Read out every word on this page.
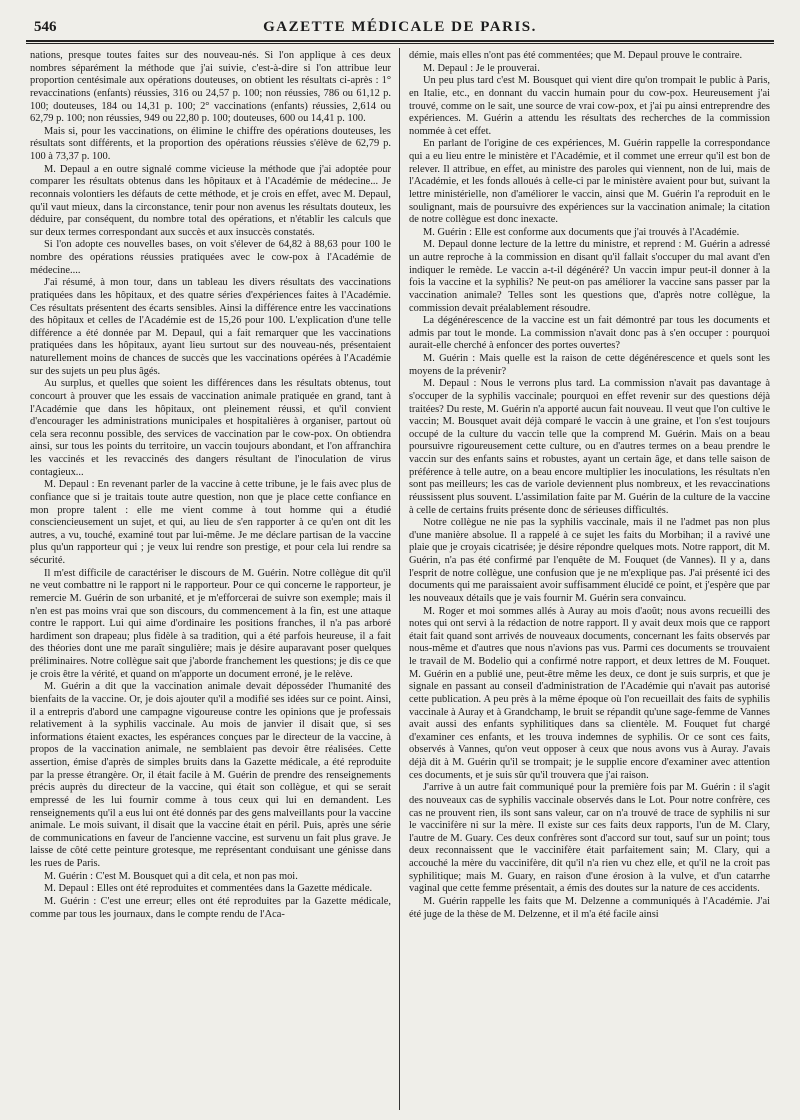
546	GAZETTE MÉDICALE DE PARIS.

nations, presque toutes faites sur des nouveau-nés. Si l'on applique à ces deux nombres séparément la méthode que j'ai suivie, c'est-à-dire si l'on attribue leur proportion centésimale aux opérations douteuses, on obtient les résultats ci-après : 1° revaccinations (enfants) réussies, 316 ou 24,57 p. 100; non réussies, 786 ou 61,12 p. 100; douteuses, 184 ou 14,31 p. 100; 2° vaccinations (enfants) réussies, 2,614 ou 62,79 p. 100; non réussies, 949 ou 22,80 p. 100; douteuses, 600 ou 14,41 p. 100.

Mais si, pour les vaccinations, on élimine le chiffre des opérations douteuses, les résultats sont différents, et la proportion des opérations réussies s'élève de 62,79 p. 100 à 73,37 p. 100.

M. Depaul a en outre signalé comme vicieuse la méthode que j'ai adoptée pour comparer les résultats obtenus dans les hôpitaux et à l'Académie de médecine... Je reconnais volontiers les défauts de cette méthode, et je crois en effet, avec M. Depaul, qu'il vaut mieux, dans la circonstance, tenir pour non avenus les résultats douteux, les déduire, par conséquent, du nombre total des opérations, et n'établir les calculs que sur deux termes correspondant aux succès et aux insuccès constatés.

Si l'on adopte ces nouvelles bases, on voit s'élever de 64,82 à 88,63 pour 100 le nombre des opérations réussies pratiquées avec le cow-pox à l'Académie de médecine....

J'ai résumé, à mon tour, dans un tableau les divers résultats des vaccinations pratiquées dans les hôpitaux, et des quatre séries d'expériences faites à l'Académie. Ces résultats présentent des écarts sensibles. Ainsi la différence entre les vaccinations des hôpitaux et celles de l'Académie est de 15,26 pour 100. L'explication d'une telle différence a été donnée par M. Depaul, qui a fait remarquer que les vaccinations pratiquées dans les hôpitaux, ayant lieu surtout sur des nouveau-nés, présentaient naturellement moins de chances de succès que les vaccinations opérées à l'Académie sur des sujets un peu plus âgés.

Au surplus, et quelles que soient les différences dans les résultats obtenus, tout concourt à prouver que les essais de vaccination animale pratiquée en grand, tant à l'Académie que dans les hôpitaux, ont pleinement réussi, et qu'il convient d'encourager les administrations municipales et hospitalières à organiser, partout où cela sera reconnu possible, des services de vaccination par le cow-pox. On obtiendra ainsi, sur tous les points du territoire, un vaccin toujours abondant, et l'on affranchira les vaccinés et les revaccinés des dangers résultant de l'inoculation de virus contagieux...

M. Depaul : En revenant parler de la vaccine à cette tribune, je le fais avec plus de confiance que si je traitais toute autre question, non que je place cette confiance en mon propre talent : elle me vient comme à tout homme qui a étudié consciencieusement un sujet, et qui, au lieu de s'en rapporter à ce qu'en ont dit les autres, a vu, touché, examiné tout par lui-même. Je me déclare partisan de la vaccine plus qu'un rapporteur qui ; je veux lui rendre son prestige, et pour cela lui rendre sa sécurité.

Il m'est difficile de caractériser le discours de M. Guérin. Notre collègue dit qu'il ne veut combattre ni le rapport ni le rapporteur. Pour ce qui concerne le rapporteur, je remercie M. Guérin de son urbanité, et je m'efforcerai de suivre son exemple; mais il n'en est pas moins vrai que son discours, du commencement à la fin, est une attaque contre le rapport. Lui qui aime d'ordinaire les positions franches, il n'a pas arboré hardiment son drapeau; plus fidèle à sa tradition, qui a été parfois heureuse, il a fait des théories dont une me paraît singulière; mais je désire auparavant poser quelques préliminaires. Notre collègue sait que j'aborde franchement les questions; je dis ce que je crois être la vérité, et quand on m'apporte un document erroné, je le relève.

M. Guérin a dit que la vaccination animale devait déposséder l'humanité des bienfaits de la vaccine. Or, je dois ajouter qu'il a modifié ses idées sur ce point. Ainsi, il a entrepris d'abord une campagne vigoureuse contre les opinions que je professais relativement à la syphilis vaccinale. Au mois de janvier il disait que, si ses informations étaient exactes, les espérances conçues par le directeur de la vaccine, à propos de la vaccination animale, ne semblaient pas devoir être réalisées. Cette assertion, émise d'après de simples bruits dans la Gazette médicale, a été reproduite par la presse étrangère. Or, il était facile à M. Guérin de prendre des renseignements précis auprès du directeur de la vaccine, qui était son collègue, et qui se serait empressé de les lui fournir comme à tous ceux qui lui en demandent. Les renseignements qu'il a eus lui ont été donnés par des gens malveillants pour la vaccine animale. Le mois suivant, il disait que la vaccine était en péril. Puis, après une série de communications en faveur de l'ancienne vaccine, est survenu un fait plus grave. Je laisse de côté cette peinture grotesque, me représentant conduisant une génisse dans les rues de Paris.

M. Guérin : C'est M. Bousquet qui a dit cela, et non pas moi.

M. Depaul : Elles ont été reproduites et commentées dans la Gazette médicale.

M. Guérin : C'est une erreur; elles ont été reproduites par la Gazette médicale, comme par tous les journaux, dans le compte rendu de l'Aca-

démie, mais elles n'ont pas été commentées; que M. Depaul prouve le contraire.

M. Depaul : Je le prouverai.

Un peu plus tard c'est M. Bousquet qui vient dire qu'on trompait le public à Paris, en Italie, etc., en donnant du vaccin humain pour du cow-pox. Heureusement j'ai trouvé, comme on le sait, une source de vrai cow-pox, et j'ai pu ainsi entreprendre des expériences. M. Guérin a attendu les résultats des recherches de la commission nommée à cet effet.

En parlant de l'origine de ces expériences, M. Guérin rappelle la correspondance qui a eu lieu entre le ministère et l'Académie, et il commet une erreur qu'il est bon de relever. Il attribue, en effet, au ministre des paroles qui viennent, non de lui, mais de l'Académie, et les fonds alloués à celle-ci par le ministère avaient pour but, suivant la lettre ministérielle, non d'améliorer le vaccin, ainsi que M. Guérin l'a reproduit en le soulignant, mais de poursuivre des expériences sur la vaccination animale; la citation de notre collègue est donc inexacte.

M. Guérin : Elle est conforme aux documents que j'ai trouvés à l'Académie.

M. Depaul donne lecture de la lettre du ministre, et reprend : M. Guérin a adressé un autre reproche à la commission en disant qu'il fallait s'occuper du mal avant d'en indiquer le remède. Le vaccin a-t-il dégénéré? Un vaccin impur peut-il donner à la fois la vaccine et la syphilis? Ne peut-on pas améliorer la vaccine sans passer par la vaccination animale? Telles sont les questions que, d'après notre collègue, la commission devait préalablement résoudre.

La dégénérescence de la vaccine est un fait démontré par tous les documents et admis par tout le monde. La commission n'avait donc pas à s'en occuper : pourquoi aurait-elle cherché à enfoncer des portes ouvertes?

M. Guérin : Mais quelle est la raison de cette dégénérescence et quels sont les moyens de la prévenir?

M. Depaul : Nous le verrons plus tard. La commission n'avait pas davantage à s'occuper de la syphilis vaccinale; pourquoi en effet revenir sur des questions déjà traitées? Du reste, M. Guérin n'a apporté aucun fait nouveau. Il veut que l'on cultive le vaccin; M. Bousquet avait déjà comparé le vaccin à une graine, et l'on s'est toujours occupé de la culture du vaccin telle que la comprend M. Guérin. Mais on a beau poursuivre rigoureusement cette culture, ou en d'autres termes on a beau prendre le vaccin sur des enfants sains et robustes, ayant un certain âge, et dans telle saison de préférence à telle autre, on a beau encore multiplier les inoculations, les résultats n'en sont pas meilleurs; les cas de variole deviennent plus nombreux, et les revaccinations réussissent plus souvent. L'assimilation faite par M. Guérin de la culture de la vaccine à celle de certains fruits présente donc de sérieuses difficultés.

Notre collègue ne nie pas la syphilis vaccinale, mais il ne l'admet pas non plus d'une manière absolue. Il a rappelé à ce sujet les faits du Morbihan; il a ravivé une plaie que je croyais cicatrisée; je désire répondre quelques mots. Notre rapport, dit M. Guérin, n'a pas été confirmé par l'enquête de M. Fouquet (de Vannes). Il y a, dans l'esprit de notre collègue, une confusion que je ne m'explique pas. J'ai présenté ici des documents qui me paraissaient avoir suffisamment élucidé ce point, et j'espère que par les nouveaux détails que je vais fournir M. Guérin sera convaincu.

M. Roger et moi sommes allés à Auray au mois d'août; nous avons recueilli des notes qui ont servi à la rédaction de notre rapport. Il y avait deux mois que ce rapport était fait quand sont arrivés de nouveaux documents, concernant les faits observés par nous-même et d'autres que nous n'avions pas vus. Parmi ces documents se trouvaient le travail de M. Bodelio qui a confirmé notre rapport, et deux lettres de M. Fouquet. M. Guérin en a publié une, peut-être même les deux, ce dont je suis surpris, et que je signale en passant au conseil d'administration de l'Académie qui n'avait pas autorisé cette publication. A peu près à la même époque où l'on recueillait des faits de syphilis vaccinale à Auray et à Grandchamp, le bruit se répandit qu'une sage-femme de Vannes avait aussi des enfants syphilitiques dans sa clientèle. M. Fouquet fut chargé d'examiner ces enfants, et les trouva indemnes de syphilis. Or ce sont ces faits, observés à Vannes, qu'on veut opposer à ceux que nous avons vus à Auray. J'avais déjà dit à M. Guérin qu'il se trompait; je le supplie encore d'examiner avec attention ces documents, et je suis sûr qu'il trouvera que j'ai raison.

J'arrive à un autre fait communiqué pour la première fois par M. Guérin : il s'agit des nouveaux cas de syphilis vaccinale observés dans le Lot. Pour notre confrère, ces cas ne prouvent rien, ils sont sans valeur, car on n'a trouvé de trace de syphilis ni sur le vaccinifère ni sur la mère. Il existe sur ces faits deux rapports, l'un de M. Clary, l'autre de M. Guary. Ces deux confrères sont d'accord sur tout, sauf sur un point; tous deux reconnaissent que le vaccinifère était parfaitement sain; M. Clary, qui a accouché la mère du vaccinifère, dit qu'il n'a rien vu chez elle, et qu'il ne la croit pas syphilitique; mais M. Guary, en raison d'une érosion à la vulve, et d'un catarrhe vaginal que cette femme présentait, a émis des doutes sur la nature de ces accidents.

M. Guérin rappelle les faits que M. Delzenne a communiqués à l'Académie. J'ai été juge de la thèse de M. Delzenne, et il m'a été facile ainsi
